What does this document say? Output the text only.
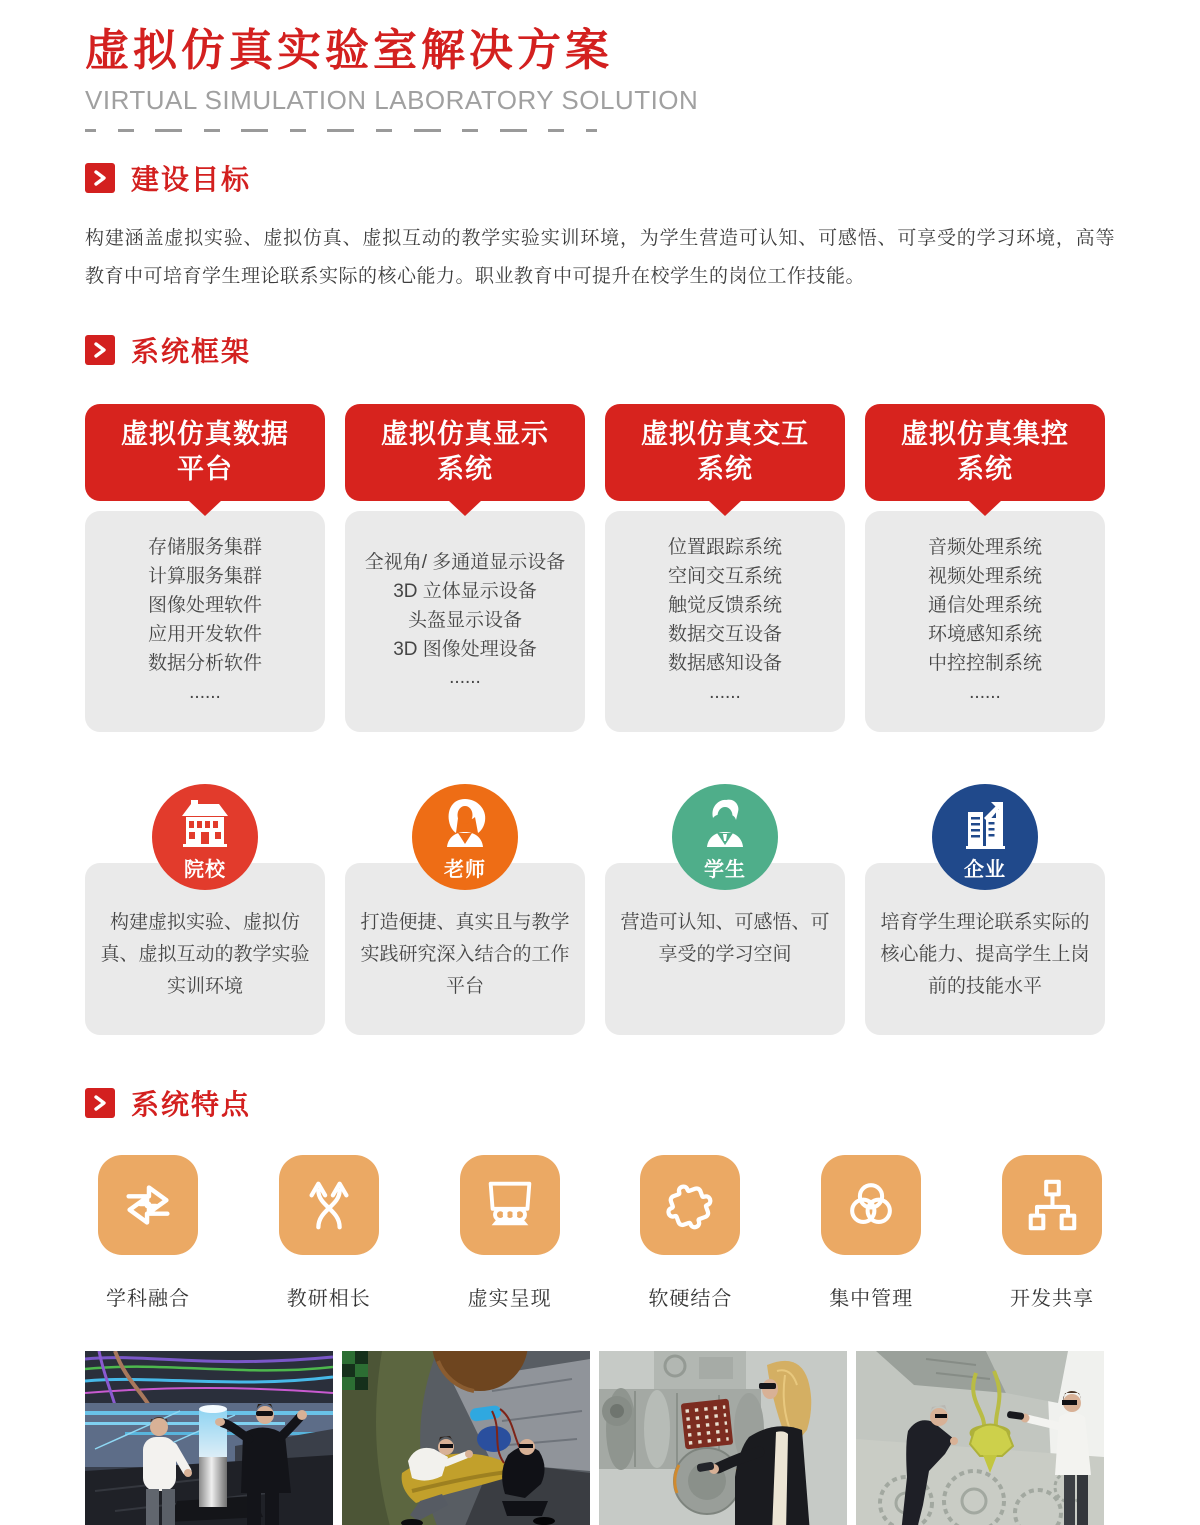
虚拟仿真实验室解决方案
VIRTUAL SIMULATION LABORATORY SOLUTION
建设目标
构建涵盖虚拟实验、虚拟仿真、虚拟互动的教学实验实训环境，为学生营造可认知、可感悟、可享受的学习环境，高等教育中可培育学生理论联系实际的核心能力。职业教育中可提升在校学生的岗位工作技能。
系统框架
虚拟仿真数据
平台
存储服务集群
计算服务集群
图像处理软件
应用开发软件
数据分析软件
......
虚拟仿真显示
系统
全视角/ 多通道显示设备
3D 立体显示设备
头盔显示设备
3D 图像处理设备
......
虚拟仿真交互
系统
位置跟踪系统
空间交互系统
触觉反馈系统
数据交互设备
数据感知设备
......
虚拟仿真集控
系统
音频处理系统
视频处理系统
通信处理系统
环境感知系统
中控控制系统
......
院校
构建虚拟实验、虚拟仿真、虚拟互动的教学实验实训环境
老师
打造便捷、真实且与教学实践研究深入结合的工作平台
学生
营造可认知、可感悟、可享受的学习空间
企业
培育学生理论联系实际的核心能力、提高学生上岗前的技能水平
系统特点
学科融合	教研相长	虚实呈现	软硬结合	集中管理	开发共享
